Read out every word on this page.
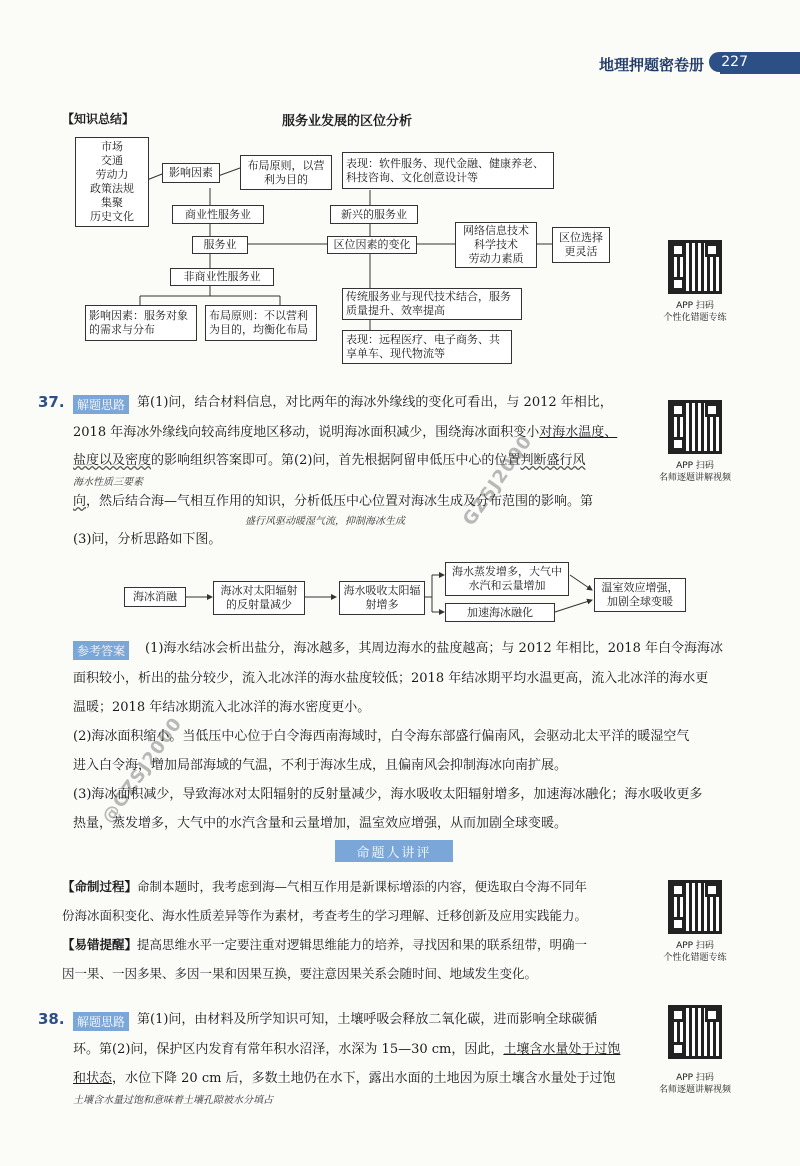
地理押题密卷册	227
【知识总结】	服务业发展的区位分析
市场
交通
劳动力
政策法规
集聚
历史文化
影响因素
布局原则，以营利为目的
商业性服务业
服务业
非商业性服务业
影响因素：服务对象的需求与分布
布局原则：不以营利为目的，均衡化布局
表现：软件服务、现代金融、健康养老、科技咨询、文化创意设计等
新兴的服务业
区位因素的变化
网络信息技术
科学技术
劳动力素质
区位选择
更灵活
传统服务业与现代技术结合，服务质量提升、效率提高
表现：远程医疗、电子商务、共享单车、现代物流等
APP 扫码
个性化错题专练
37.	解题思路 第(1)问，结合材料信息，对比两年的海冰外缘线的变化可看出，与 2012 年相比，
2018 年海冰外缘线向较高纬度地区移动，说明海冰面积减少，围绕海冰面积变小对海水温度、
盐度以及密度的影响组织答案即可。第(2)问，首先根据阿留申低压中心的位置判断盛行风
海水性质三要素
向，然后结合海—气相互作用的知识，分析低压中心位置对海冰生成及分布范围的影响。第
盛行风驱动暖湿气流，抑制海冰生成
(3)问，分析思路如下图。
APP 扫码
名师逐题讲解视频
海冰消融	海冰对太阳辐射的反射量减少
海水吸收太阳辐射增多
海水蒸发增多，大气中水汽和云量增加
加速海冰融化
温室效应增强，加剧全球变暖
参考答案	(1)海水结冰会析出盐分，海冰越多，其周边海水的盐度越高；与 2012 年相比，2018 年白令海海冰
面积较小，析出的盐分较少，流入北冰洋的海水盐度较低；2018 年结冰期平均水温更高，流入北冰洋的海水更
温暖；2018 年结冰期流入北冰洋的海水密度更小。
(2)海冰面积缩小。当低压中心位于白令海西南海域时，白令海东部盛行偏南风，会驱动北太平洋的暖湿空气
进入白令海，增加局部海域的气温，不利于海冰生成，且偏南风会抑制海冰向南扩展。
(3)海冰面积减少，导致海冰对太阳辐射的反射量减少，海水吸收太阳辐射增多，加速海冰融化；海水吸收更多
热量，蒸发增多，大气中的水汽含量和云量增加，温室效应增强，从而加剧全球变暖。
命题人讲评
【命制过程】命制本题时，我考虑到海—气相互作用是新课标增添的内容，便选取白令海不同年
份海冰面积变化、海水性质差异等作为素材，考查考生的学习理解、迁移创新及应用实践能力。
【易错提醒】提高思维水平一定要注重对逻辑思维能力的培养，寻找因和果的联系纽带，明确一
因一果、一因多果、多因一果和因果互换，要注意因果关系会随时间、地域发生变化。
APP 扫码
个性化错题专练
38.	解题思路 第(1)问，由材料及所学知识可知，土壤呼吸会释放二氧化碳，进而影响全球碳循
环。第(2)问，保护区内发育有常年积水沼泽，水深为 15—30 cm，因此，土壤含水量处于过饱
和状态，水位下降 20 cm 后，多数土地仍在水下，露出水面的土地因为原土壤含水量处于过饱
土壤含水量过饱和意味着土壤孔隙被水分填占
APP 扫码
名师逐题讲解视频
GZSJ2000
@GZSJ2000
